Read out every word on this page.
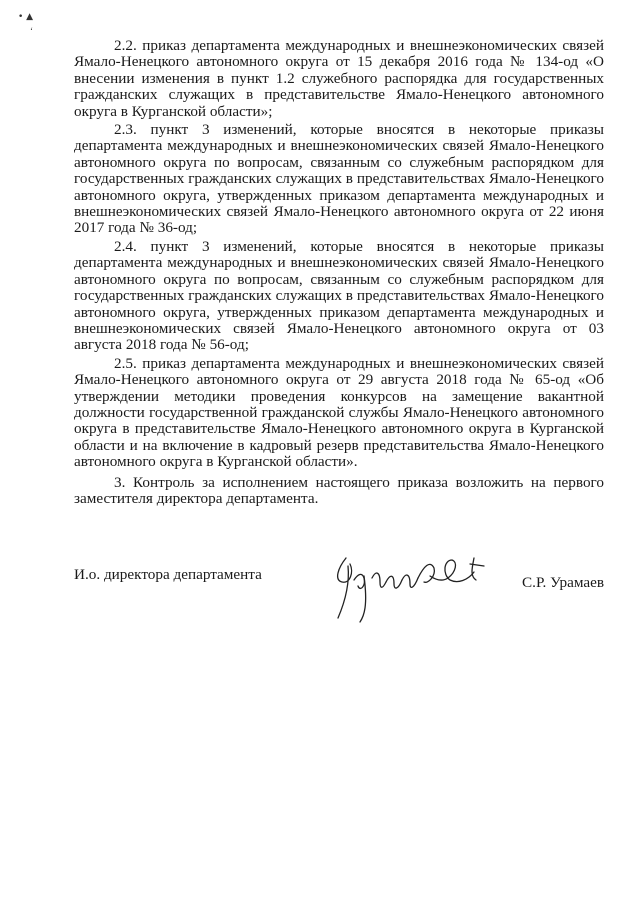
• ▲
‘

2.2. приказ департамента международных и внешнеэкономических связей Ямало-Ненецкого автономного округа от 15 декабря 2016 года № 134-од «О внесении изменения в пункт 1.2 служебного распорядка для государственных гражданских служащих в представительстве Ямало-Ненецкого автономного округа в Курганской области»;

2.3. пункт 3 изменений, которые вносятся в некоторые приказы департамента международных и внешнеэкономических связей Ямало-Ненецкого автономного округа по вопросам, связанным со служебным распорядком для государственных гражданских служащих в представительствах Ямало-Ненецкого автономного округа, утвержденных приказом департамента международных и внешнеэкономических связей Ямало-Ненецкого автономного округа от 22 июня 2017 года № 36-од;

2.4. пункт 3 изменений, которые вносятся в некоторые приказы департамента международных и внешнеэкономических связей Ямало-Ненецкого автономного округа по вопросам, связанным со служебным распорядком для государственных гражданских служащих в представительствах Ямало-Ненецкого автономного округа, утвержденных приказом департамента международных и внешнеэкономических связей Ямало-Ненецкого автономного округа от 03 августа 2018 года № 56-од;

2.5. приказ департамента международных и внешнеэкономических связей Ямало-Ненецкого автономного округа от 29 августа 2018 года № 65-од «Об утверждении методики проведения конкурсов на замещение вакантной должности государственной гражданской службы Ямало-Ненецкого автономного округа в представительстве Ямало-Ненецкого автономного округа в Курганской области и на включение в кадровый резерв представительства Ямало-Ненецкого автономного округа в Курганской области».

3. Контроль за исполнением настоящего приказа возложить на первого заместителя директора департамента.

И.о. директора департамента	С.Р. Урамаев
